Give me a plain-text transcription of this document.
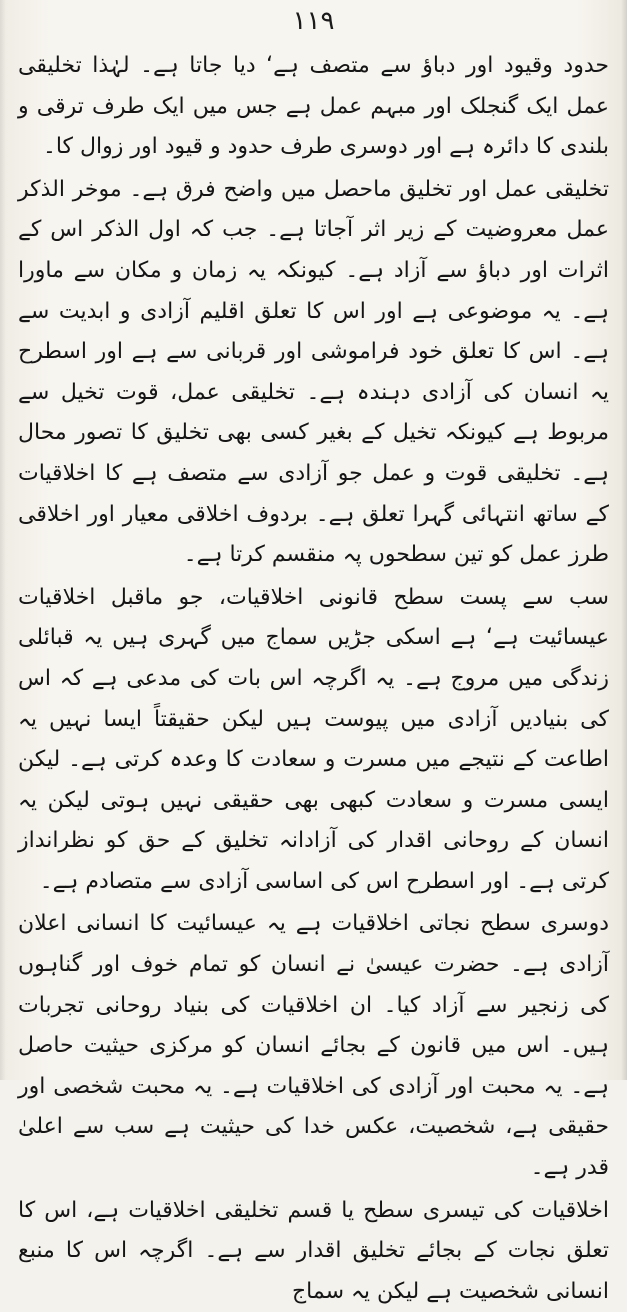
١١٩

حدود وقیود اور دباؤ سے متصف ہے‘ دیا جاتا ہے۔ لہٰذا تخلیقی عمل ایک گنجلک اور مبہم عمل ہے جس میں ایک طرف ترقی و بلندی کا دائرہ ہے اور دوسری طرف حدود و قیود اور زوال کا۔

تخلیقی عمل اور تخلیق ماحصل میں واضح فرق ہے۔ موخر الذکر عمل معروضیت کے زیر اثر آجاتا ہے۔ جب کہ اول الذکر اس کے اثرات اور دباؤ سے آزاد ہے۔ کیونکہ یہ زمان و مکان سے ماورا ہے۔ یہ موضوعی ہے اور اس کا تعلق اقلیم آزادی و ابدیت سے ہے۔ اس کا تعلق خود فراموشی اور قربانی سے ہے اور اسطرح یہ انسان کی آزادی دہندہ ہے۔ تخلیقی عمل، قوت تخیل سے مربوط ہے کیونکہ تخیل کے بغیر کسی بھی تخلیق کا تصور محال ہے۔ تخلیقی قوت و عمل جو آزادی سے متصف ہے کا اخلاقیات کے ساتھ انتہائی گہرا تعلق ہے۔ بردوف اخلاقی معیار اور اخلاقی طرز عمل کو تین سطحوں پہ منقسم کرتا ہے۔

سب سے پست سطح قانونی اخلاقیات، جو ماقبل اخلاقیات عیسائیت ہے‘ ہے اسکی جڑیں سماج میں گہری ہیں یہ قبائلی زندگی میں مروج ہے۔ یہ اگرچہ اس بات کی مدعی ہے کہ اس کی بنیادیں آزادی میں پیوست ہیں لیکن حقیقتاً ایسا نہیں یہ اطاعت کے نتیجے میں مسرت و سعادت کا وعدہ کرتی ہے۔ لیکن ایسی مسرت و سعادت کبھی بھی حقیقی نہیں ہوتی لیکن یہ انسان کے روحانی اقدار کی آزادانہ تخلیق کے حق کو نظرانداز کرتی ہے۔ اور اسطرح اس کی اساسی آزادی سے متصادم ہے۔

دوسری سطح نجاتی اخلاقیات ہے یہ عیسائیت کا انسانی اعلان آزادی ہے۔ حضرت عیسیٰ نے انسان کو تمام خوف اور گناہوں کی زنجیر سے آزاد کیا۔ ان اخلاقیات کی بنیاد روحانی تجربات ہیں۔ اس میں قانون کے بجائے انسان کو مرکزی حیثیت حاصل ہے۔ یہ محبت اور آزادی کی اخلاقیات ہے۔ یہ محبت شخصی اور حقیقی ہے، شخصیت، عکس خدا کی حیثیت ہے سب سے اعلیٰ قدر ہے۔

اخلاقیات کی تیسری سطح یا قسم تخلیقی اخلاقیات ہے، اس کا تعلق نجات کے بجائے تخلیق اقدار سے ہے۔ اگرچہ اس کا منبع انسانی شخصیت ہے لیکن یہ سماج
